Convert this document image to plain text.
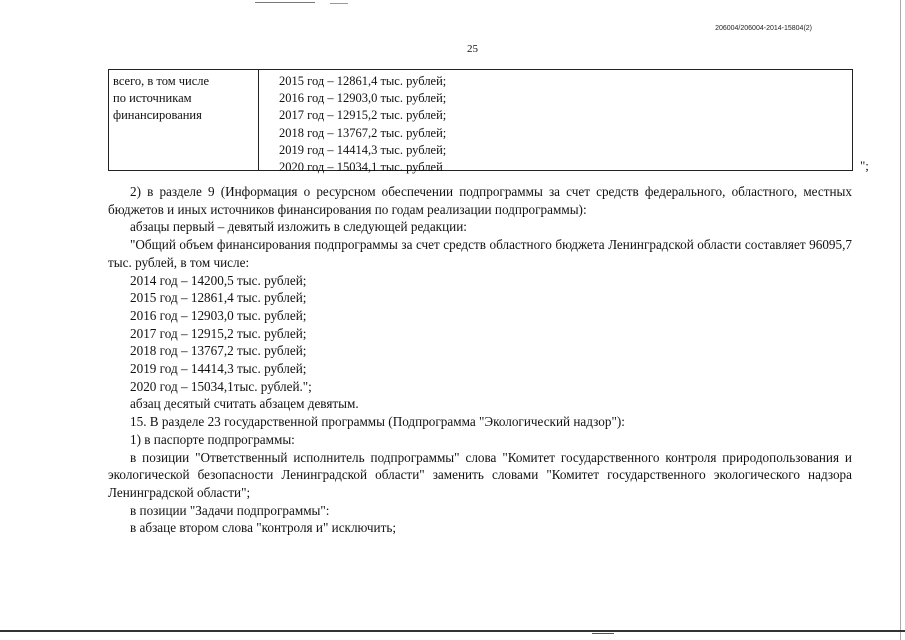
206004/206004-2014-15804(2)
25
всего, в том числе
по источникам
финансирования
2015 год – 12861,4 тыс. рублей;
2016 год – 12903,0 тыс. рублей;
2017 год – 12915,2 тыс. рублей;
2018 год – 13767,2 тыс. рублей;
2019 год – 14414,3 тыс. рублей;
2020 год – 15034,1 тыс. рублей	";

2) в разделе 9 (Информация о ресурсном обеспечении подпрограммы за счет средств федерального, областного, местных бюджетов и иных источников финансирования по годам реализации подпрограммы):

абзацы первый – девятый изложить в следующей редакции:

"Общий объем финансирования подпрограммы за счет средств областного бюджета Ленинградской области составляет 96095,7 тыс. рублей, в том числе:

2014 год – 14200,5 тыс. рублей;

2015 год – 12861,4 тыс. рублей;

2016 год – 12903,0 тыс. рублей;

2017 год – 12915,2 тыс. рублей;

2018 год – 13767,2 тыс. рублей;

2019 год – 14414,3 тыс. рублей;

2020 год – 15034,1тыс. рублей.";

абзац десятый считать абзацем девятым.

15. В разделе 23 государственной программы (Подпрограмма "Экологический надзор"):

1) в паспорте подпрограммы:

в позиции "Ответственный исполнитель подпрограммы" слова "Комитет государственного контроля природопользования и экологической безопасности Ленинградской области" заменить словами "Комитет государственного экологического надзора Ленинградской области";

в позиции "Задачи подпрограммы":

в абзаце втором слова "контроля и" исключить;
